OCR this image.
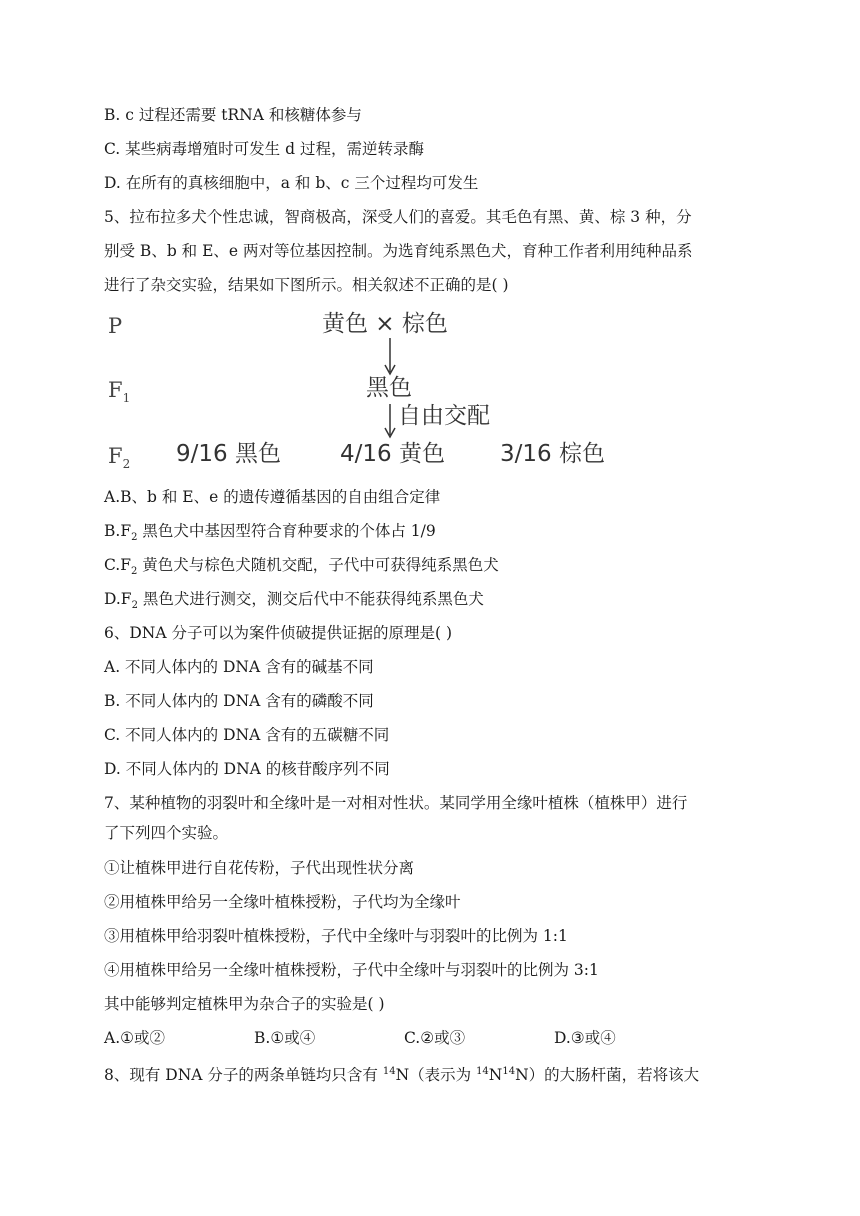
B. c 过程还需要 tRNA 和核糖体参与

C. 某些病毒增殖时可发生 d 过程，需逆转录酶

D. 在所有的真核细胞中，a 和 b、c 三个过程均可发生

5、拉布拉多犬个性忠诚，智商极高，深受人们的喜爱。其毛色有黑、黄、棕 3 种，分

别受 B、b 和 E、e 两对等位基因控制。为选育纯系黑色犬，育种工作者利用纯种品系

进行了杂交实验，结果如下图所示。相关叙述不正确的是( )

P
$F_1$
$F_2$
黄色 × 棕色
黑色
自由交配
9/16 黑色	4/16 黄色 3/16 棕色

A.B、b 和 E、e 的遗传遵循基因的自由组合定律

$B.F_2$ 黑色犬中基因型符合育种要求的个体占 1/9

$C.F_2$ 黄色犬与棕色犬随机交配，子代中可获得纯系黑色犬

$D.F_2$ 黑色犬进行测交，测交后代中不能获得纯系黑色犬

6、DNA 分子可以为案件侦破提供证据的原理是( )

A. 不同人体内的 DNA 含有的碱基不同

B. 不同人体内的 DNA 含有的磷酸不同

C. 不同人体内的 DNA 含有的五碳糖不同

D. 不同人体内的 DNA 的核苷酸序列不同

7、某种植物的羽裂叶和全缘叶是一对相对性状。某同学用全缘叶植株（植株甲）进行

了下列四个实验。

①让植株甲进行自花传粉，子代出现性状分离

②用植株甲给另一全缘叶植株授粉，子代均为全缘叶

③用植株甲给羽裂叶植株授粉，子代中全缘叶与羽裂叶的比例为 1:1

④用植株甲给另一全缘叶植株授粉，子代中全缘叶与羽裂叶的比例为 3:1

其中能够判定植株甲为杂合子的实验是( )

A.①或②	B.①或④	C.②或③	D.③或④

8、现有 DNA 分子的两条单链均只含有 $^{14}$N（表示为 $^{14}N^{14}N$）的大肠杆菌，若将该大
